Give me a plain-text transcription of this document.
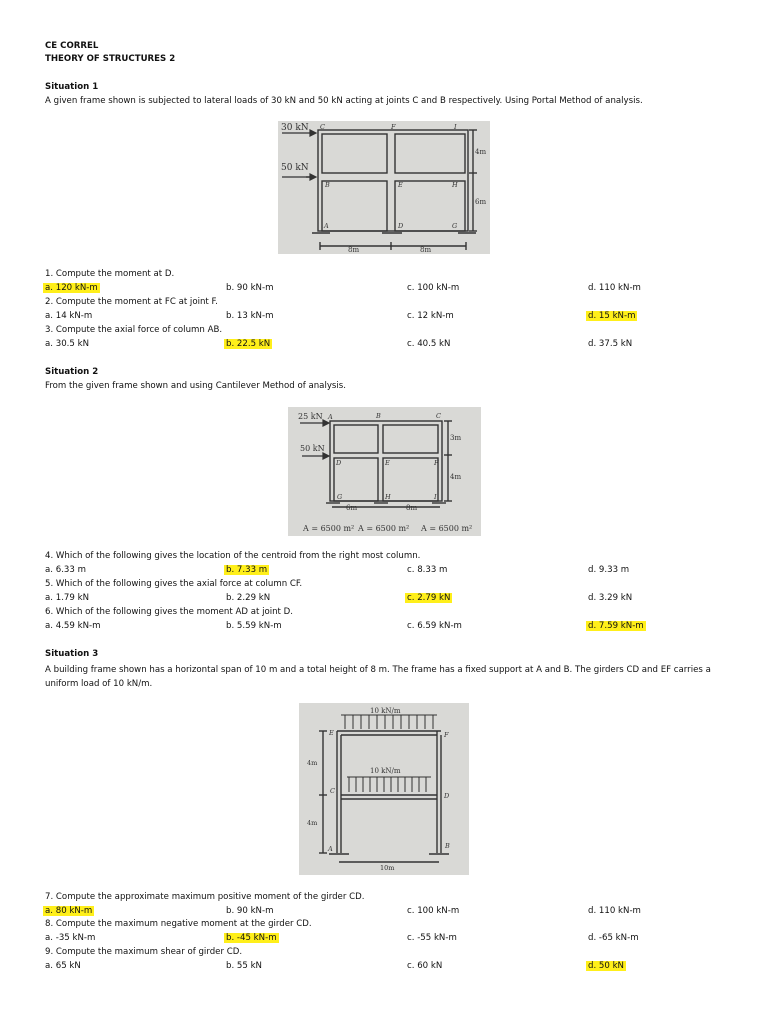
CE CORREL
THEORY OF STRUCTURES 2
Situation 1
A given frame shown is subjected to lateral loads of 30 kN and 50 kN acting at joints C and B respectively. Using Portal Method of analysis.
30 kN
50 kN
C	F	I
B	E	H
A	D	G
4m
6m
8m	8m
1. Compute the moment at D.
a. 120 kN-m	b. 90 kN-m	c. 100 kN-m	d. 110 kN-m
2. Compute the moment at FC at joint F.
a. 14 kN-m	b. 13 kN-m	c. 12 kN-m	d. 15 kN-m
3. Compute the axial force of column AB.
a. 30.5 kN	b. 22.5 kN	c. 40.5 kN	d. 37.5 kN
Situation 2
From the given frame shown and using Cantilever Method of analysis.
25 kN
50 kN
A	B	C
D	E	F
G	H	I
3m
4m
6m	8m
A = 6500 m² A = 6500 m² A = 6500 m²
4. Which of the following gives the location of the centroid from the right most column.
a. 6.33 m	b. 7.33 m	c. 8.33 m	d. 9.33 m
5. Which of the following gives the axial force at column CF.
a. 1.79 kN	b. 2.29 kN	c. 2.79 kN	d. 3.29 kN
6. Which of the following gives the moment AD at joint D.
a. 4.59 kN-m	b. 5.59 kN-m	c. 6.59 kN-m	d. 7.59 kN-m
Situation 3
A building frame shown has a horizontal span of 10 m and a total height of 8 m. The frame has a fixed support at A and B. The girders CD and EF carries a uniform load of 10 kN/m.
10 kN/m
10 kN/m
E	F
C
D
A	B
4m
4m
10m
7. Compute the approximate maximum positive moment of the girder CD.
a. 80 kN-m	b. 90 kN-m	c. 100 kN-m	d. 110 kN-m
8. Compute the maximum negative moment at the girder CD.
a. -35 kN-m	b. -45 kN-m	c. -55 kN-m	d. -65 kN-m
9. Compute the maximum shear of girder CD.
a. 65 kN	b. 55 kN	c. 60 kN	d. 50 kN
